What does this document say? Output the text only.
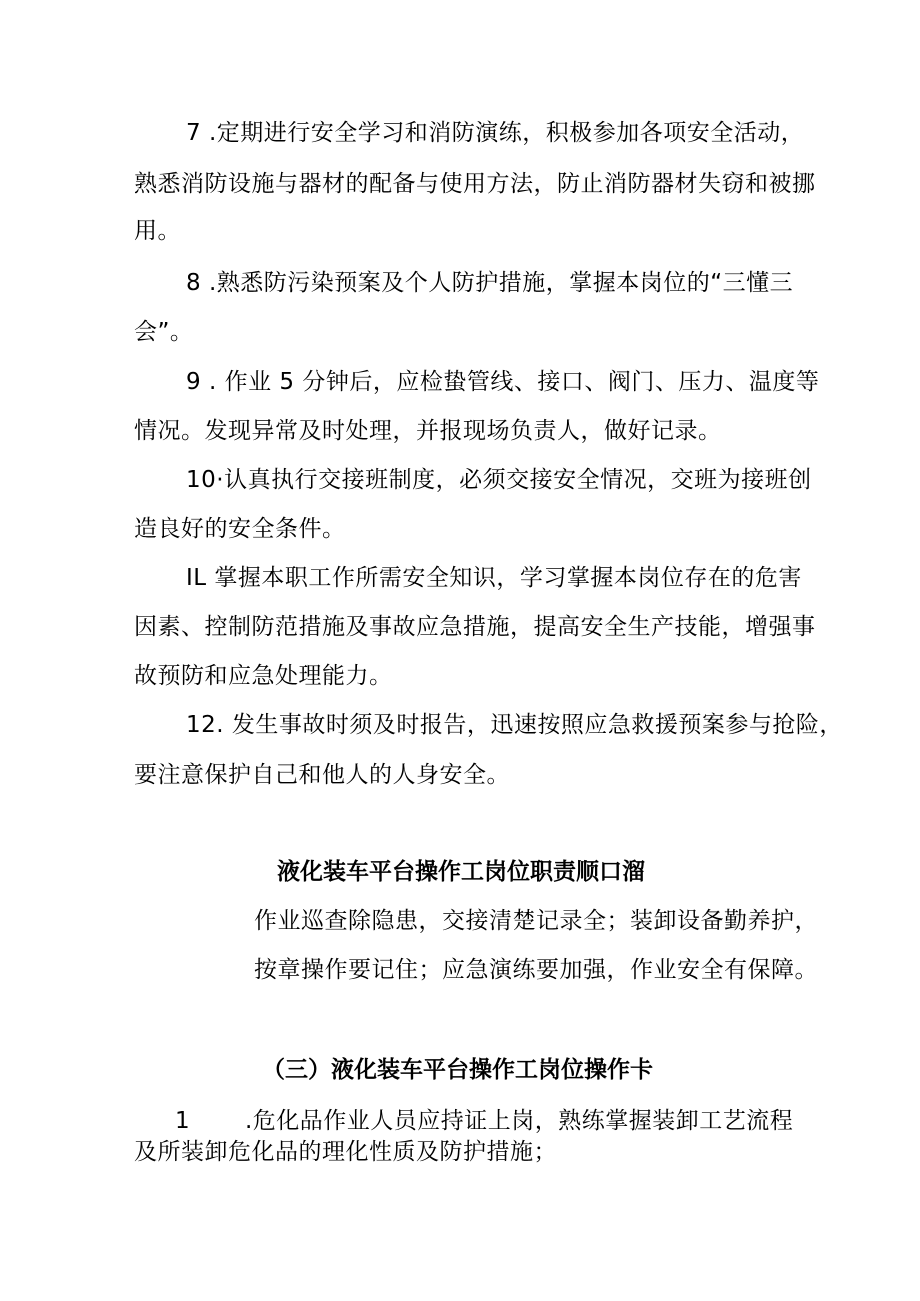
7 .定期进行安全学习和消防演练，积极参加各项安全活动，
熟悉消防设施与器材的配备与使用方法，防止消防器材失窃和被挪
用。
8 .熟悉防污染预案及个人防护措施，掌握本岗位的“三懂三
会”。
9 . 作业 5 分钟后，应检蛰管线、接口、阀门、压力、温度等
情况。发现异常及时处理，并报现场负责人，做好记录。
10·认真执行交接班制度，必须交接安全情况，交班为接班创
造良好的安全条件。
IL 掌握本职工作所需安全知识，学习掌握本岗位存在的危害
因素、控制防范措施及事故应急措施，提高安全生产技能，增强事
故预防和应急处理能力。
12. 发生事故时须及时报告，迅速按照应急救援预案参与抢险，
要注意保护自己和他人的人身安全。
液化装车平台操作工岗位职责顺口溜
作业巡查除隐患，交接清楚记录全；装卸设备勤养护，
按章操作要记住；应急演练要加强，作业安全有保障。
（三）液化装车平台操作工岗位操作卡
1 .危化品作业人员应持证上岗，熟练掌握装卸工艺流程
及所装卸危化品的理化性质及防护措施；
